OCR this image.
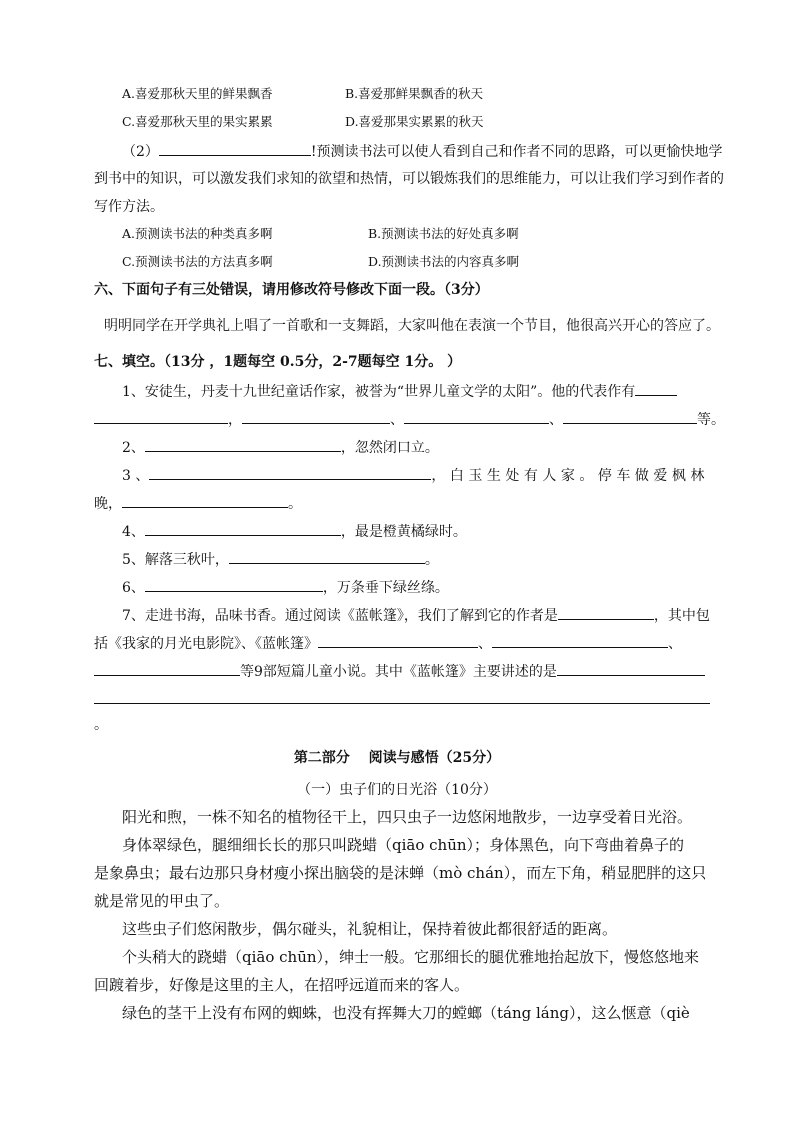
A.喜爱那秋天里的鲜果飘香	B.喜爱那鲜果飘香的秋天
C.喜爱那秋天里的果实累累	D.喜爱那果实累累的秋天
（2）	!预测读书法可以使人看到自己和作者不同的思路，可以更愉快地学
到书中的知识，可以激发我们求知的欲望和热情，可以锻炼我们的思维能力，可以让我们学习到作者的
写作方法。
A.预测读书法的种类真多啊	B.预测读书法的好处真多啊
C.预测读书法的方法真多啊	D.预测读书法的内容真多啊
六、下面句子有三处错误，请用修改符号修改下面一段。（3分）
明明同学在开学典礼上唱了一首歌和一支舞蹈，大家叫他在表演一个节目，他很高兴开心的答应了。
七、填空。（13分 ，1题每空 0.5分，2-7题每空 1分。 ）
1、安徒生，丹麦十九世纪童话作家，被誉为“世界儿童文学的太阳”。他的代表作有
，	、	、	等。
2、	，忽然闭口立。
3 、	，白玉生处有人家。停车做爱枫林
晚，	。
4、	，最是橙黄橘绿时。
5、解落三秋叶，	。
6、	，万条垂下绿丝绦。
7、走进书海，品味书香。通过阅读《蓝帐篷》，我们了解到它的作者是	，其中包
括《我家的月光电影院》、《蓝帐篷》	、	、
等9部短篇儿童小说。其中《蓝帐篷》主要讲述的是
。
第二部分　 阅读与感悟（25分）
（一）虫子们的日光浴（10分）
阳光和煦，一株不知名的植物径干上，四只虫子一边悠闲地散步，一边享受着日光浴。
身体翠绿色，腿细细长长的那只叫跷蜡（qiāo chūn）；身体黑色，向下弯曲着鼻子的
是象鼻虫；最右边那只身材瘦小探出脑袋的是沫蝉（mò chán），而左下角，稍显肥胖的这只
就是常见的甲虫了。
这些虫子们悠闲散步，偶尔碰头，礼貌相让，保持着彼此都很舒适的距离。
个头稍大的跷蜡（qiāo chūn），绅士一般。它那细长的腿优雅地抬起放下，慢悠悠地来
回踱着步，好像是这里的主人，在招呼远道而来的客人。
绿色的茎干上没有布网的蜘蛛，也没有挥舞大刀的螳螂（táng láng），这么惬意（qiè
